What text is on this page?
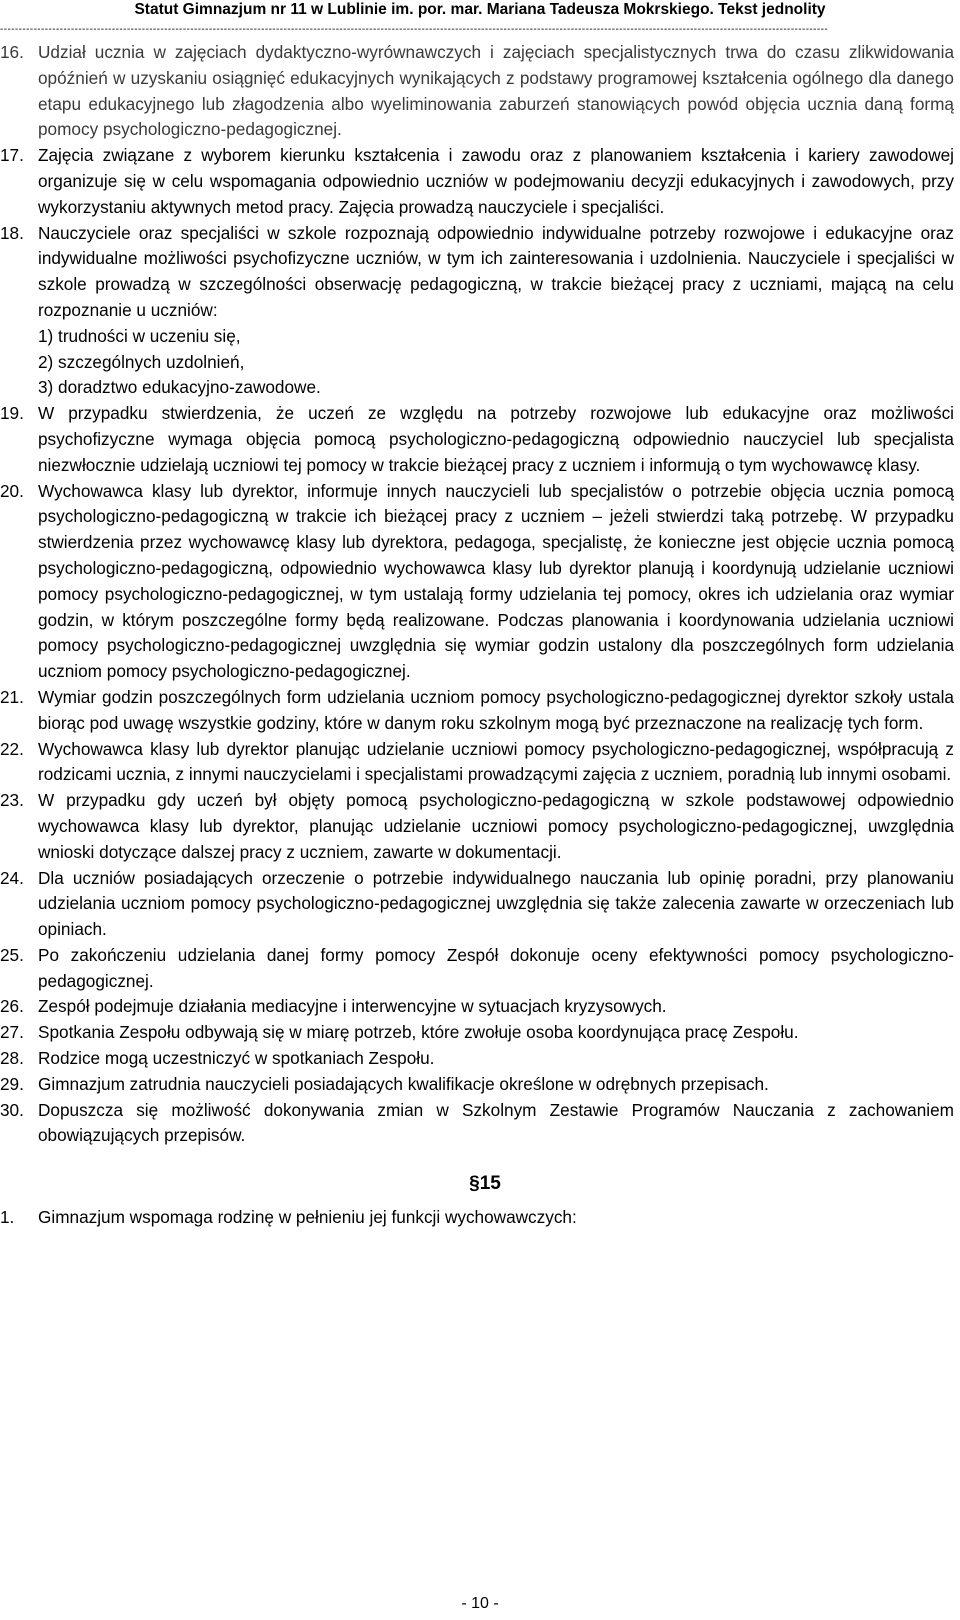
Statut Gimnazjum nr 11 w Lublinie im. por. mar. Mariana Tadeusza Mokrskiego. Tekst jednolity
------------------------------------------------------------------------------------------------------------------------------------------------------------------------------------------------------------------------------
16. Udział ucznia w zajęciach dydaktyczno-wyrównawczych i zajęciach specjalistycznych trwa do czasu zlikwidowania opóźnień w uzyskaniu osiągnięć edukacyjnych wynikających z podstawy programowej kształcenia ogólnego dla danego etapu edukacyjnego lub złagodzenia albo wyeliminowania zaburzeń stanowiących powód objęcia ucznia daną formą pomocy psychologiczno-pedagogicznej.
17. Zajęcia związane z wyborem kierunku kształcenia i zawodu oraz z planowaniem kształcenia i kariery zawodowej organizuje się w celu wspomagania odpowiednio uczniów w podejmowaniu decyzji edukacyjnych i zawodowych, przy wykorzystaniu aktywnych metod pracy. Zajęcia prowadzą nauczyciele i specjaliści.
18. Nauczyciele oraz specjaliści w szkole rozpoznają odpowiednio indywidualne potrzeby rozwojowe i edukacyjne oraz indywidualne możliwości psychofizyczne uczniów, w tym ich zainteresowania i uzdolnienia. Nauczyciele i specjaliści w szkole prowadzą w szczególności obserwację pedagogiczną, w trakcie bieżącej pracy z uczniami, mającą na celu rozpoznanie u uczniów:
1) trudności w uczeniu się,
2) szczególnych uzdolnień,
3) doradztwo edukacyjno-zawodowe.
19. W przypadku stwierdzenia, że uczeń ze względu na potrzeby rozwojowe lub edukacyjne oraz możliwości psychofizyczne wymaga objęcia pomocą psychologiczno-pedagogiczną odpowiednio nauczyciel lub specjalista niezwłocznie udzielają uczniowi tej pomocy w trakcie bieżącej pracy z uczniem i informują o tym wychowawcę klasy.
20. Wychowawca klasy lub dyrektor, informuje innych nauczycieli lub specjalistów o potrzebie objęcia ucznia pomocą psychologiczno-pedagogiczną w trakcie ich bieżącej pracy z uczniem – jeżeli stwierdzi taką potrzebę. W przypadku stwierdzenia przez wychowawcę klasy lub dyrektora, pedagoga, specjalistę, że konieczne jest objęcie ucznia pomocą psychologiczno-pedagogiczną, odpowiednio wychowawca klasy lub dyrektor planują i koordynują udzielanie uczniowi pomocy psychologiczno-pedagogicznej, w tym ustalają formy udzielania tej pomocy, okres ich udzielania oraz wymiar godzin, w którym poszczególne formy będą realizowane. Podczas planowania i koordynowania udzielania uczniowi pomocy psychologiczno-pedagogicznej uwzględnia się wymiar godzin ustalony dla poszczególnych form udzielania uczniom pomocy psychologiczno-pedagogicznej.
21. Wymiar godzin poszczególnych form udzielania uczniom pomocy psychologiczno-pedagogicznej dyrektor szkoły ustala biorąc pod uwagę wszystkie godziny, które w danym roku szkolnym mogą być przeznaczone na realizację tych form.
22. Wychowawca klasy lub dyrektor planując udzielanie uczniowi pomocy psychologiczno-pedagogicznej, współpracują z rodzicami ucznia, z innymi nauczycielami i specjalistami prowadzącymi zajęcia z uczniem, poradnią lub innymi osobami.
23. W przypadku gdy uczeń był objęty pomocą psychologiczno-pedagogiczną w szkole podstawowej odpowiednio wychowawca klasy lub dyrektor, planując udzielanie uczniowi pomocy psychologiczno-pedagogicznej, uwzględnia wnioski dotyczące dalszej pracy z uczniem, zawarte w dokumentacji.
24. Dla uczniów posiadających orzeczenie o potrzebie indywidualnego nauczania lub opinię poradni, przy planowaniu udzielania uczniom pomocy psychologiczno-pedagogicznej uwzględnia się także zalecenia zawarte w orzeczeniach lub opiniach.
25. Po zakończeniu udzielania danej formy pomocy Zespół dokonuje oceny efektywności pomocy psychologiczno-pedagogicznej.
26. Zespół podejmuje działania mediacyjne i interwencyjne w sytuacjach kryzysowych.
27. Spotkania Zespołu odbywają się w miarę potrzeb, które zwołuje osoba koordynująca pracę Zespołu.
28. Rodzice mogą uczestniczyć w spotkaniach Zespołu.
29. Gimnazjum zatrudnia nauczycieli posiadających kwalifikacje określone w odrębnych przepisach.
30. Dopuszcza się możliwość dokonywania zmian w Szkolnym Zestawie Programów Nauczania z zachowaniem obowiązujących przepisów.
§15
1.	Gimnazjum wspomaga rodzinę w pełnieniu jej funkcji wychowawczych:
- 10 -
